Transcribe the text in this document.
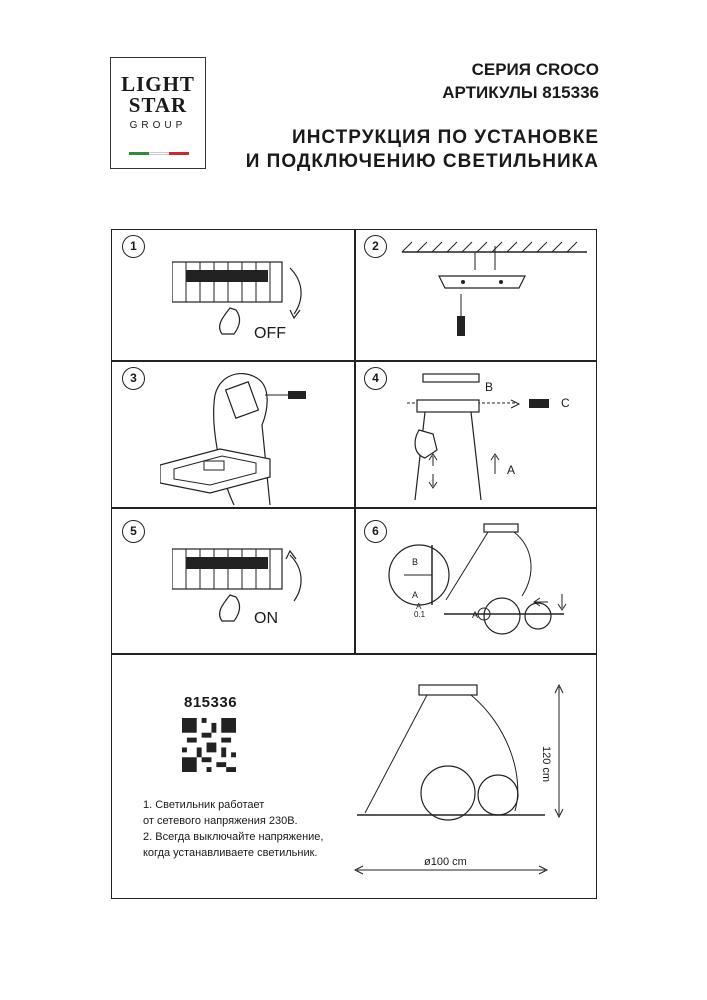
LIGHT
STAR
GROUP
СЕРИЯ CROCO
АРТИКУЛЫ 815336
ИНСТРУКЦИЯ ПО УСТАНОВКЕ
И ПОДКЛЮЧЕНИЮ СВЕТИЛЬНИКА
1
OFF
2
3	4
B
C
A
5
ON
6
B
A
A
0.1	A
815336
1. Светильник работает
от сетевого напряжения 230В.
2. Всегда выключайте напряжение,
когда устанавливаете светильник.
120 cm
ø100 cm
